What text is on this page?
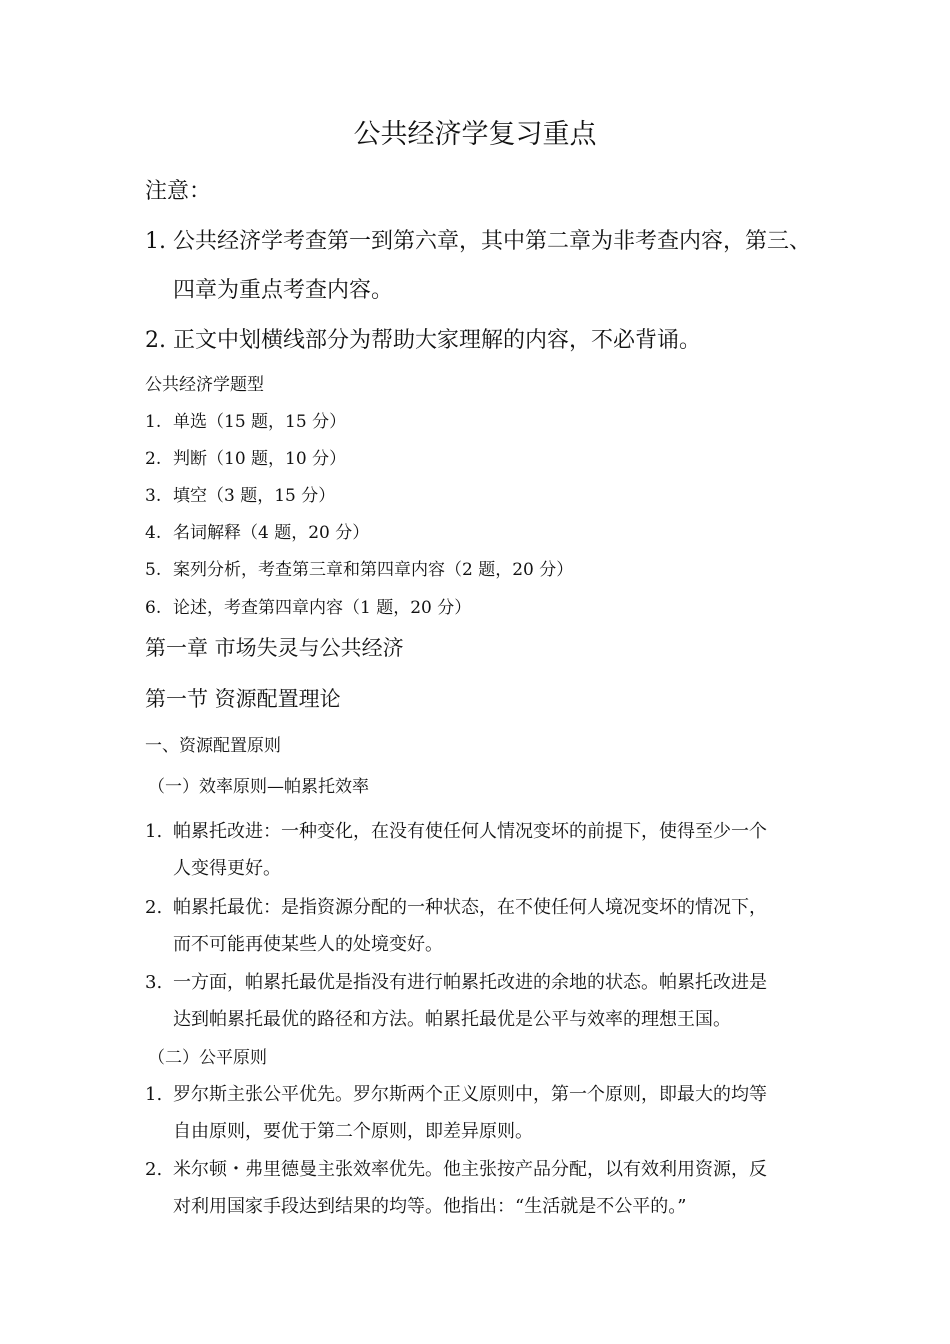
公共经济学复习重点
注意：
1. 公共经济学考查第一到第六章，其中第二章为非考查内容，第三、
四章为重点考查内容。
2. 正文中划横线部分为帮助大家理解的内容，不必背诵。
公共经济学题型
1. 单选（15 题，15 分）
2. 判断（10 题，10 分）
3. 填空（3 题，15 分）
4. 名词解释（4 题，20 分）
5. 案列分析，考查第三章和第四章内容（2 题，20 分）
6. 论述，考查第四章内容（1 题，20 分）
第一章 市场失灵与公共经济
第一节 资源配置理论
一、资源配置原则
（一）效率原则—帕累托效率
1. 帕累托改进：一种变化，在没有使任何人情况变坏的前提下，使得至少一个
人变得更好。
2. 帕累托最优：是指资源分配的一种状态，在不使任何人境况变坏的情况下，
而不可能再使某些人的处境变好。
3. 一方面，帕累托最优是指没有进行帕累托改进的余地的状态。帕累托改进是
达到帕累托最优的路径和方法。帕累托最优是公平与效率的理想王国。
（二）公平原则
1. 罗尔斯主张公平优先。罗尔斯两个正义原则中，第一个原则，即最大的均等
自由原则，要优于第二个原则，即差异原则。
2. 米尔顿・弗里德曼主张效率优先。他主张按产品分配，以有效利用资源，反
对利用国家手段达到结果的均等。他指出：“生活就是不公平的。”
